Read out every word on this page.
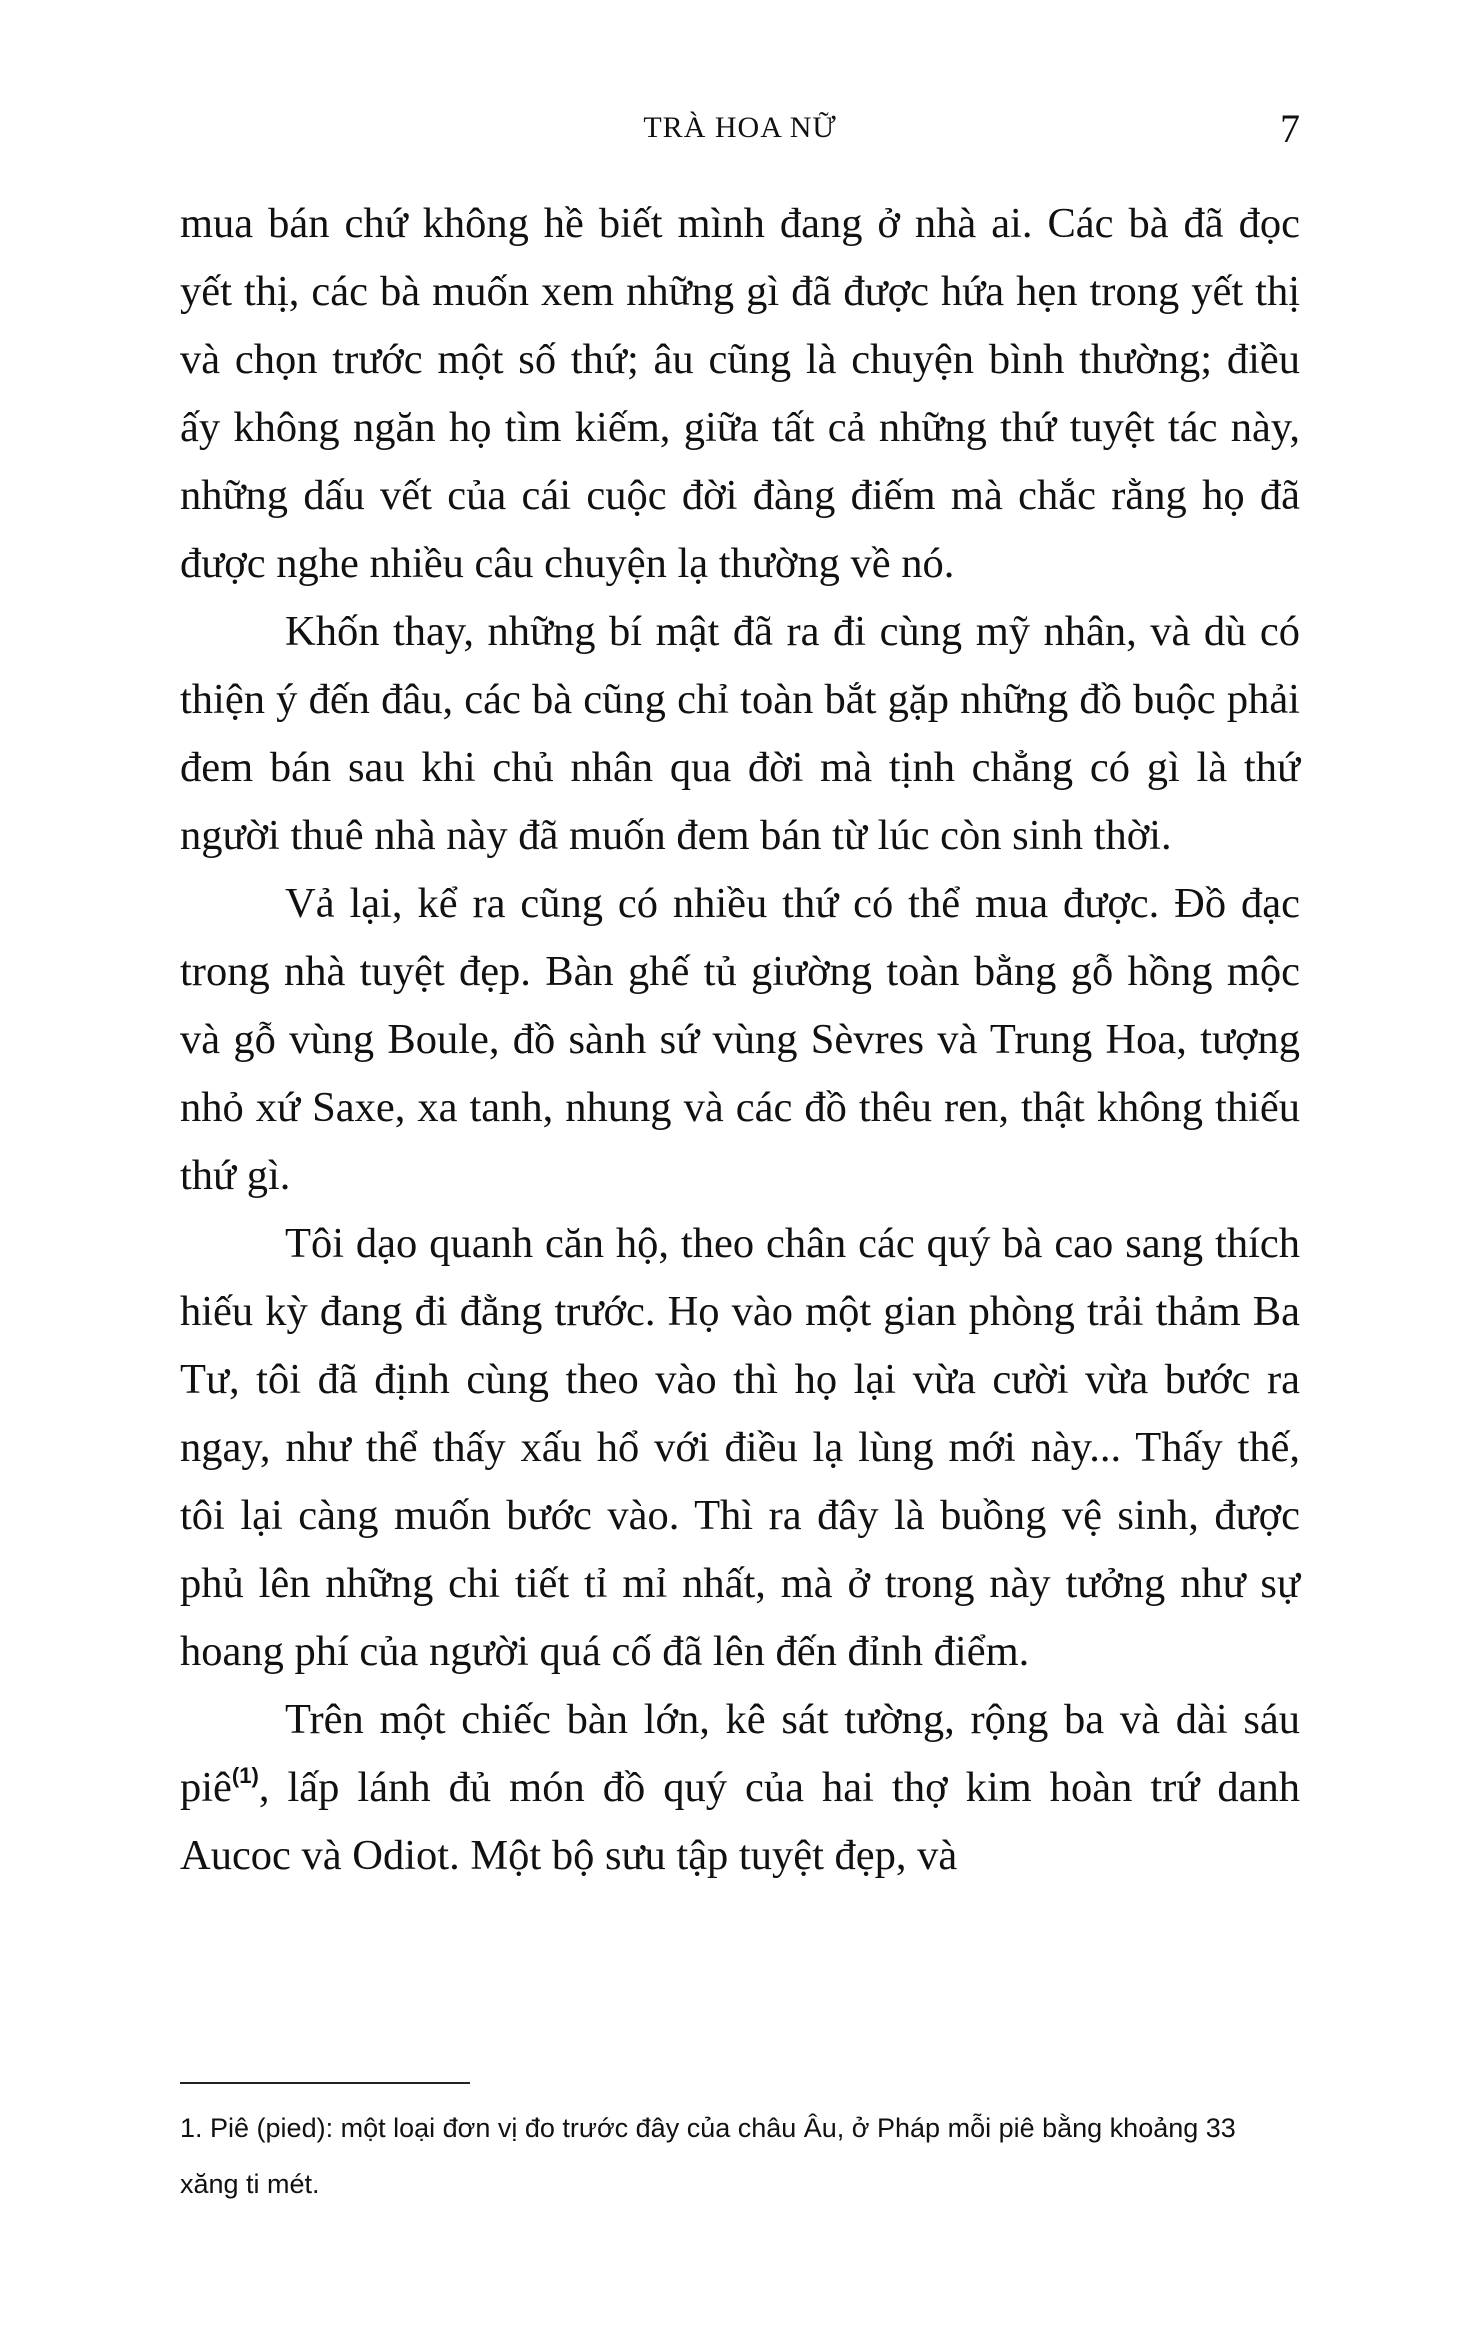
TRÀ HOA NỮ	7

mua bán chứ không hề biết mình đang ở nhà ai. Các bà đã đọc yết thị, các bà muốn xem những gì đã được hứa hẹn trong yết thị và chọn trước một số thứ; âu cũng là chuyện bình thường; điều ấy không ngăn họ tìm kiếm, giữa tất cả những thứ tuyệt tác này, những dấu vết của cái cuộc đời đàng điếm mà chắc rằng họ đã được nghe nhiều câu chuyện lạ thường về nó.

Khốn thay, những bí mật đã ra đi cùng mỹ nhân, và dù có thiện ý đến đâu, các bà cũng chỉ toàn bắt gặp những đồ buộc phải đem bán sau khi chủ nhân qua đời mà tịnh chẳng có gì là thứ người thuê nhà này đã muốn đem bán từ lúc còn sinh thời.

Vả lại, kể ra cũng có nhiều thứ có thể mua được. Đồ đạc trong nhà tuyệt đẹp. Bàn ghế tủ giường toàn bằng gỗ hồng mộc và gỗ vùng Boule, đồ sành sứ vùng Sèvres và Trung Hoa, tượng nhỏ xứ Saxe, xa tanh, nhung và các đồ thêu ren, thật không thiếu thứ gì.

Tôi dạo quanh căn hộ, theo chân các quý bà cao sang thích hiếu kỳ đang đi đằng trước. Họ vào một gian phòng trải thảm Ba Tư, tôi đã định cùng theo vào thì họ lại vừa cười vừa bước ra ngay, như thể thấy xấu hổ với điều lạ lùng mới này... Thấy thế, tôi lại càng muốn bước vào. Thì ra đây là buồng vệ sinh, được phủ lên những chi tiết tỉ mỉ nhất, mà ở trong này tưởng như sự hoang phí của người quá cố đã lên đến đỉnh điểm.

Trên một chiếc bàn lớn, kê sát tường, rộng ba và dài sáu piê$^{(1)}$, lấp lánh đủ món đồ quý của hai thợ kim hoàn trứ danh Aucoc và Odiot. Một bộ sưu tập tuyệt đẹp, và

1. Piê (pied): một loại đơn vị đo trước đây của châu Âu, ở Pháp mỗi piê bằng khoảng 33 xăng ti mét.
